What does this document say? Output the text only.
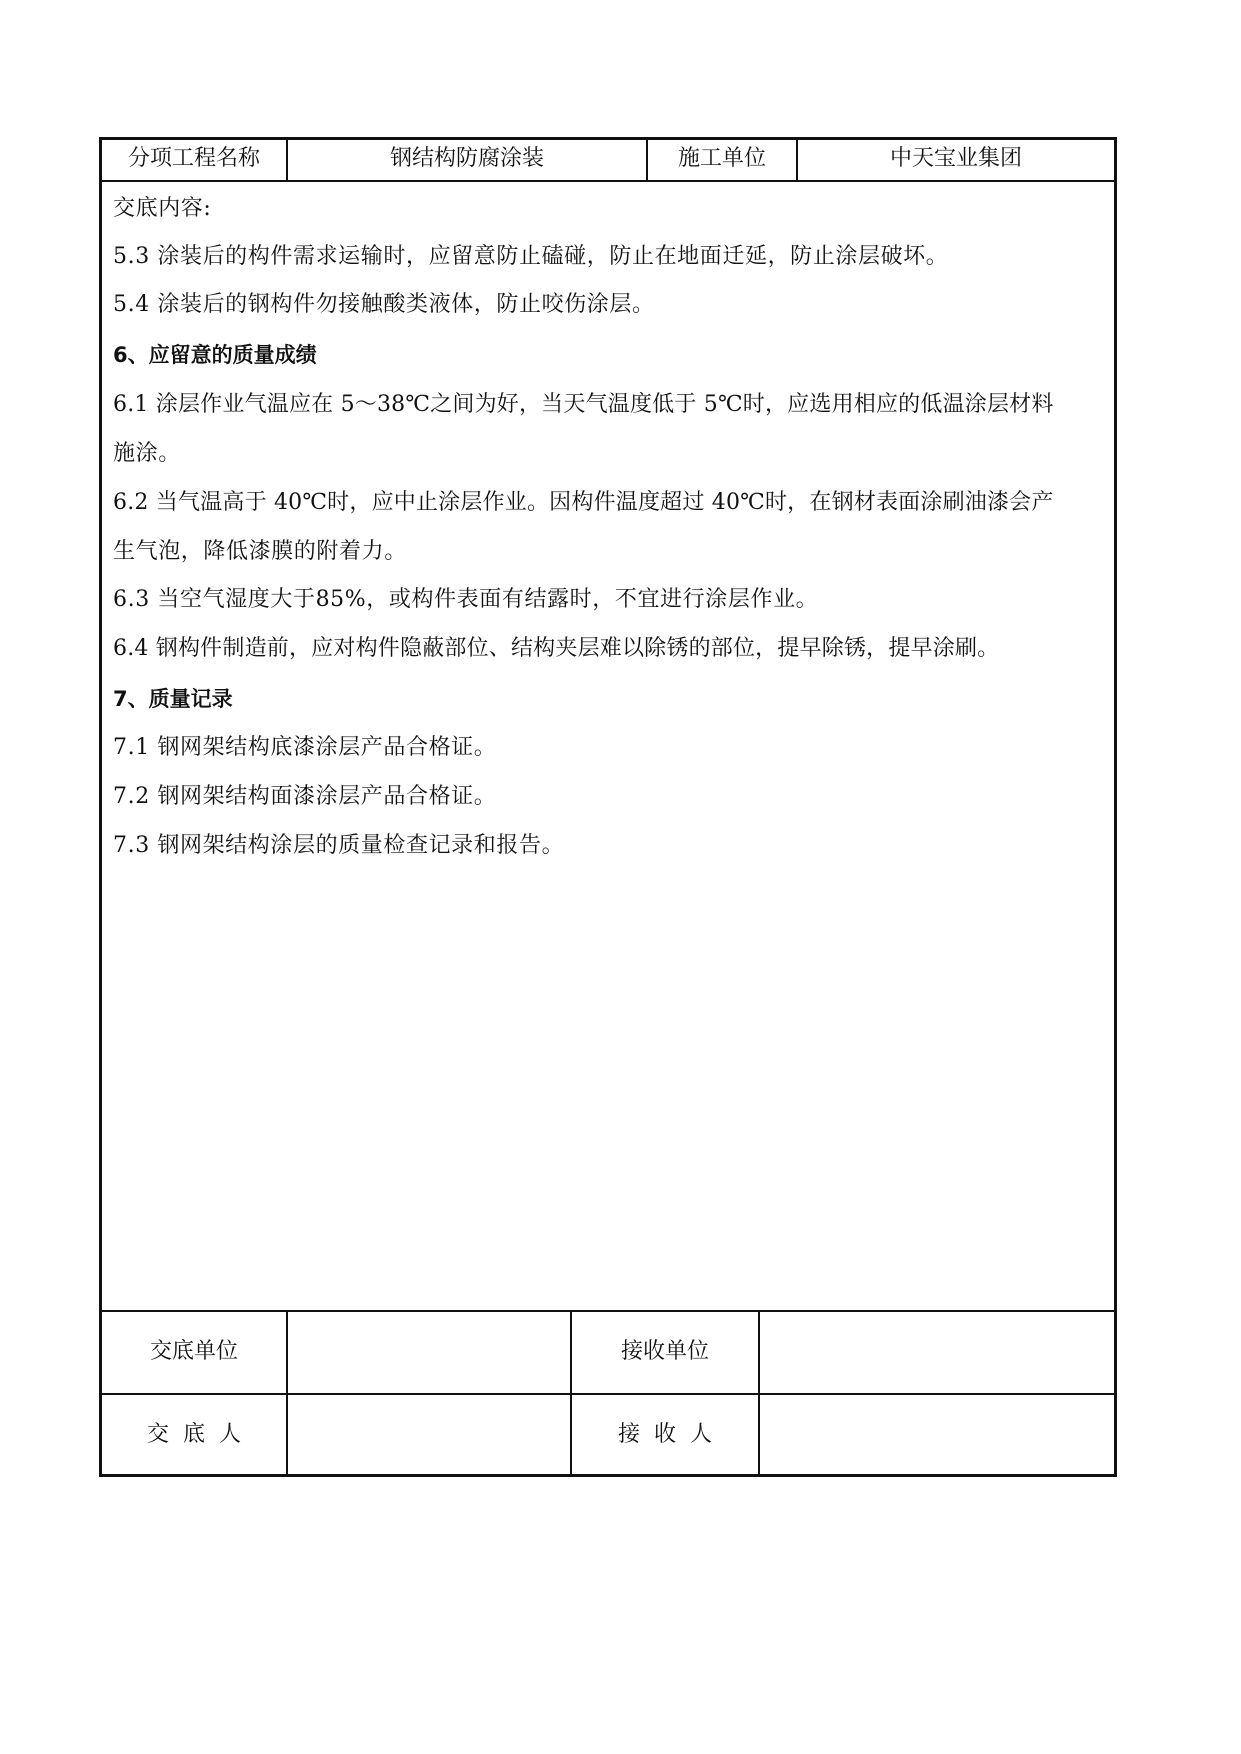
分项工程名称	钢结构防腐涂装	施工单位	中天宝业集团
交底内容:
5.3 涂装后的构件需求运输时，应留意防止磕碰，防止在地面迁延，防止涂层破坏。
5.4 涂装后的钢构件勿接触酸类液体，防止咬伤涂层。
6、应留意的质量成绩
6.1 涂层作业气温应在 5～38℃之间为好，当天气温度低于 5℃时，应选用相应的低温涂层材料
施涂。
6.2 当气温高于 40℃时，应中止涂层作业。因构件温度超过 40℃时，在钢材表面涂刷油漆会产
生气泡，降低漆膜的附着力。
6.3 当空气湿度大于85%，或构件表面有结露时，不宜进行涂层作业。
6.4 钢构件制造前，应对构件隐蔽部位、结构夹层难以除锈的部位，提早除锈，提早涂刷。
7、质量记录
7.1 钢网架结构底漆涂层产品合格证。
7.2 钢网架结构面漆涂层产品合格证。
7.3 钢网架结构涂层的质量检查记录和报告。
交底单位	接收单位
交底人	接收人
